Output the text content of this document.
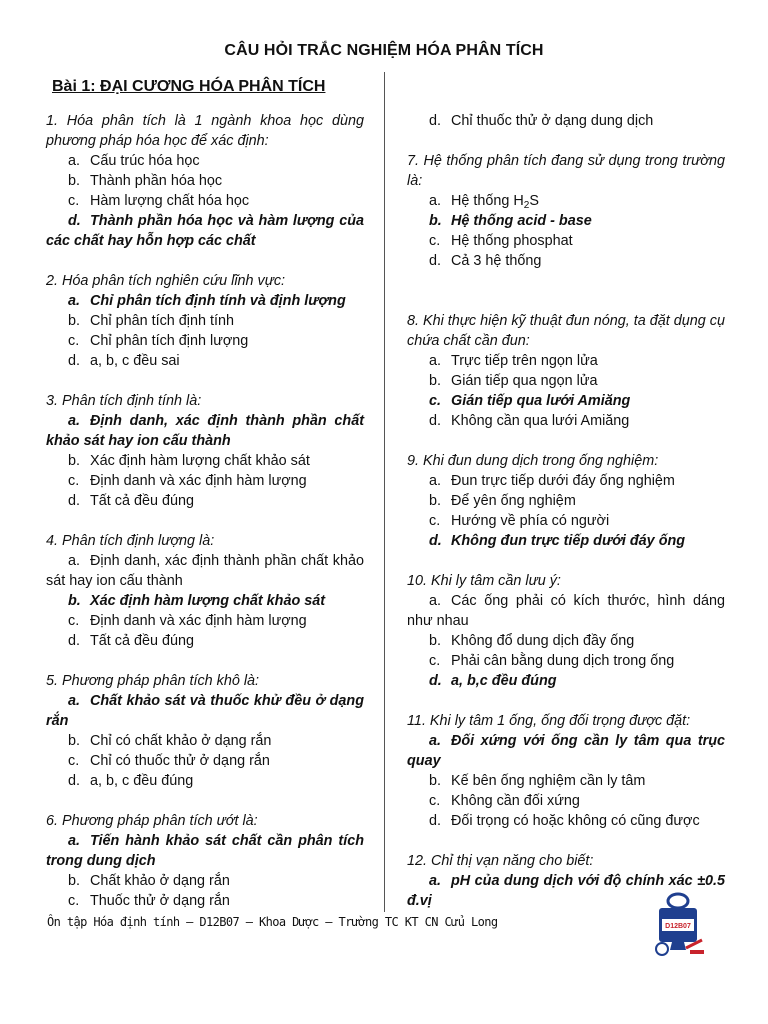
CÂU HỎI TRẮC NGHIỆM HÓA PHÂN TÍCH
Bài 1: ĐẠI CƯƠNG HÓA PHÂN TÍCH
1. Hóa phân tích là 1 ngành khoa học dùng phương pháp hóa học để xác định:
a. Cấu trúc hóa học
b. Thành phần hóa học
c. Hàm lượng chất hóa học
d. Thành phần hóa học và hàm lượng của các chất hay hỗn hợp các chất
2. Hóa phân tích nghiên cứu lĩnh vực:
a. Chỉ phân tích định tính và định lượng
b. Chỉ phân tích định tính
c. Chỉ phân tích định lượng
d. a, b, c đều sai
3. Phân tích định tính là:
a. Định danh, xác định thành phần chất khảo sát hay ion cấu thành
b. Xác định hàm lượng chất khảo sát
c. Định danh và xác định hàm lượng
d. Tất cả đều đúng
4. Phân tích định lượng là:
a. Định danh, xác định thành phần chất khảo sát hay ion cấu thành
b. Xác định hàm lượng chất khảo sát
c. Định danh và xác định hàm lượng
d. Tất cả đều đúng
5. Phương pháp phân tích khô là:
a. Chất khảo sát và thuốc khử đều ở dạng rắn
b. Chỉ có chất khảo ở dạng rắn
c. Chỉ có thuốc thử ở dạng rắn
d. a, b, c đều đúng
6. Phương pháp phân tích ướt là:
a. Tiến hành khảo sát chất cần phân tích trong dung dịch
b. Chất khảo ở dạng rắn
c. Thuốc thử ở dạng rắn
d. Chỉ thuốc thử ở dạng dung dịch
7. Hệ thống phân tích đang sử dụng trong trường là:
a. Hệ thống $H_2S$
b. Hệ thống acid - base
c. Hệ thống phosphat
d. Cả 3 hệ thống
8. Khi thực hiện kỹ thuật đun nóng, ta đặt dụng cụ chứa chất cần đun:
a. Trực tiếp trên ngọn lửa
b. Gián tiếp qua ngọn lửa
c. Gián tiếp qua lưới Amiăng
d. Không cần qua lưới Amiăng
9. Khi đun dung dịch trong ống nghiệm:
a. Đun trực tiếp dưới đáy ống nghiệm
b. Để yên ống nghiệm
c. Hướng về phía có người
d. Không đun trực tiếp dưới đáy ống
10. Khi ly tâm cần lưu ý:
a. Các ống phải có kích thước, hình dáng như nhau
b. Không đổ dung dịch đầy ống
c. Phải cân bằng dung dịch trong ống
d. a, b,c đều đúng
11. Khi ly tâm 1 ống, ống đối trọng được đặt:
a. Đối xứng với ống cần ly tâm qua trục quay
b. Kế bên ống nghiệm cần ly tâm
c. Không cần đối xứng
d. Đối trọng có hoặc không có cũng được
12. Chỉ thị vạn năng cho biết:
a. pH của dung dịch với độ chính xác ±0.5 đ.vị
Ôn tập Hóa định tính – D12B07 – Khoa Dược – Trường TC KT CN Cửu Long	D12B07
